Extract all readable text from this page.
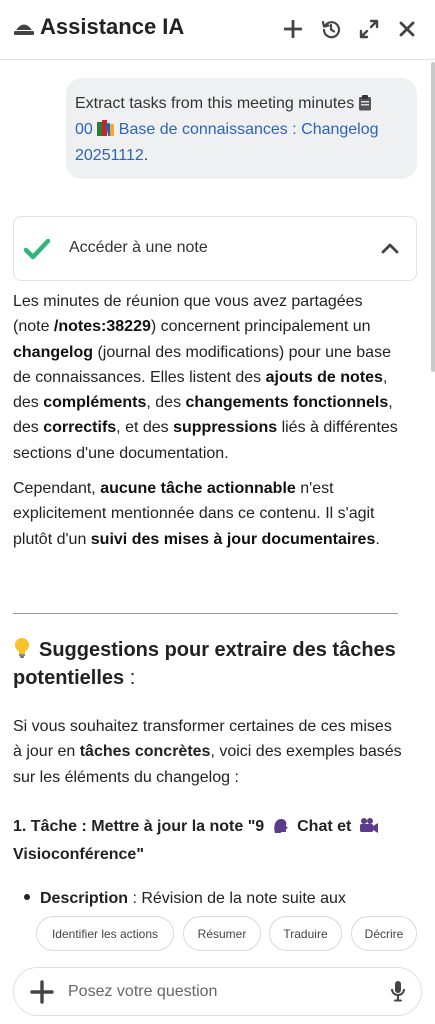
Assistance IA
Extract tasks from this meeting minutes
00 Base de connaissances : Changelog
20251112.
Accéder à une note

Les minutes de réunion que vous avez partagées (note /notes:38229) concernent principalement un changelog (journal des modifications) pour une base de connaissances. Elles listent des ajouts de notes, des compléments, des changements fonctionnels, des correctifs, et des suppressions liés à différentes sections d'une documentation.

Cependant, aucune tâche actionnable n'est explicitement mentionnée dans ce contenu. Il s'agit plutôt d'un suivi des mises à jour documentaires.

Suggestions pour extraire des tâches potentielles :
Si vous souhaitez transformer certaines de ces mises à jour en tâches concrètes, voici des exemples basés sur les éléments du changelog :
1. Tâche : Mettre à jour la note "9 Chat et
Visioconférence"
Description : Révision de la note suite aux
Identifier les actions	Résumer	Traduire	Décrire
Posez votre question
